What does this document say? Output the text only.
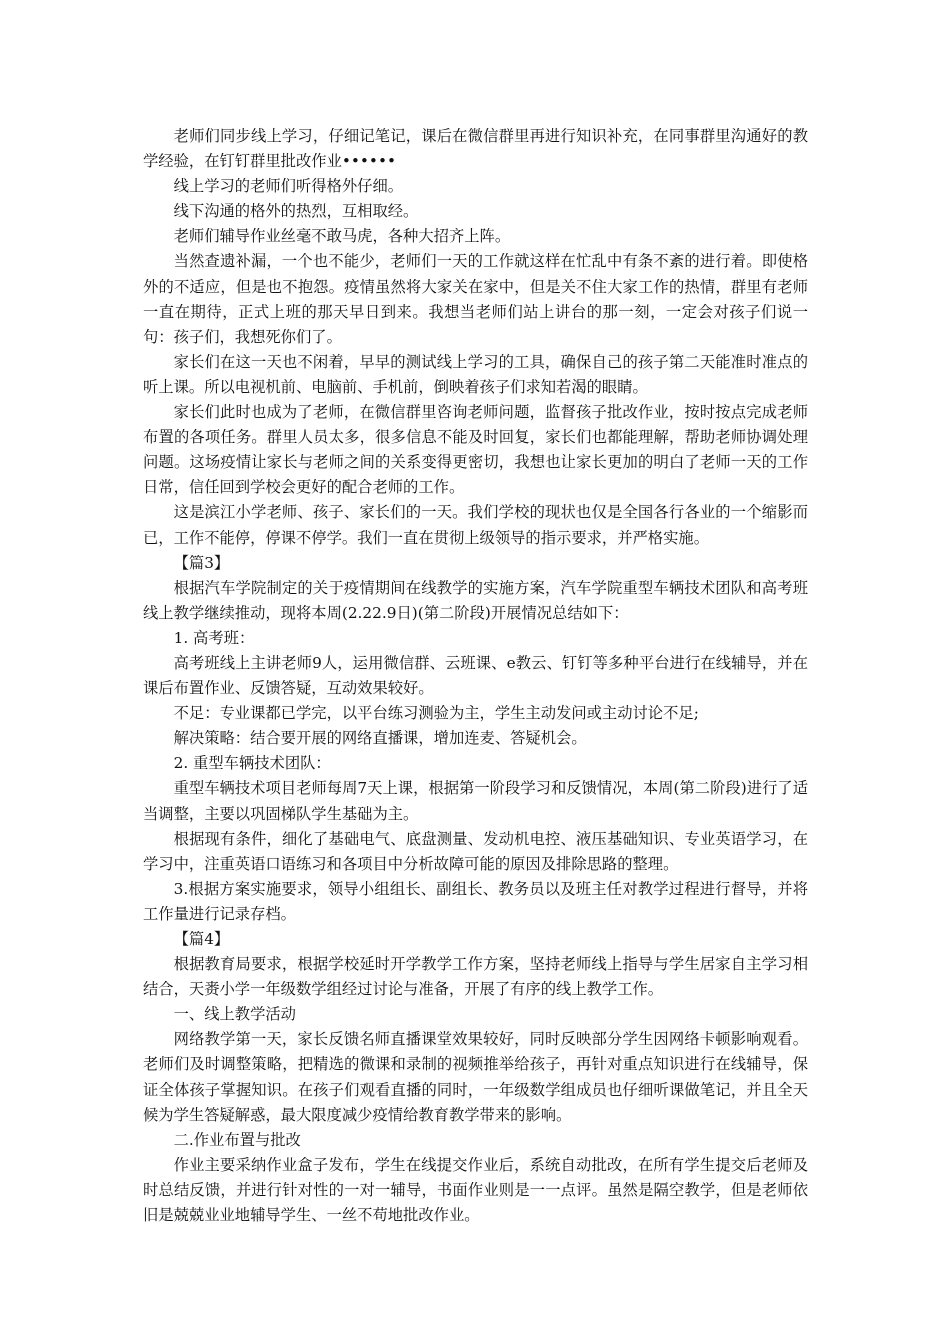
老师们同步线上学习，仔细记笔记，课后在微信群里再进行知识补充，在同事群里沟通好的教学经验，在钉钉群里批改作业••••••

线上学习的老师们听得格外仔细。

线下沟通的格外的热烈，互相取经。

老师们辅导作业丝毫不敢马虎，各种大招齐上阵。

当然查遗补漏，一个也不能少，老师们一天的工作就这样在忙乱中有条不紊的进行着。即使格外的不适应，但是也不抱怨。疫情虽然将大家关在家中，但是关不住大家工作的热情，群里有老师一直在期待，正式上班的那天早日到来。我想当老师们站上讲台的那一刻，一定会对孩子们说一句：孩子们，我想死你们了。

家长们在这一天也不闲着，早早的测试线上学习的工具，确保自己的孩子第二天能准时准点的听上课。所以电视机前、电脑前、手机前，倒映着孩子们求知若渴的眼睛。

家长们此时也成为了老师，在微信群里咨询老师问题，监督孩子批改作业，按时按点完成老师布置的各项任务。群里人员太多，很多信息不能及时回复，家长们也都能理解，帮助老师协调处理问题。这场疫情让家长与老师之间的关系变得更密切，我想也让家长更加的明白了老师一天的工作日常，信任回到学校会更好的配合老师的工作。

这是滨江小学老师、孩子、家长们的一天。我们学校的现状也仅是全国各行各业的一个缩影而已，工作不能停，停课不停学。我们一直在贯彻上级领导的指示要求，并严格实施。

【篇3】

根据汽车学院制定的关于疫情期间在线教学的实施方案，汽车学院重型车辆技术团队和高考班线上教学继续推动，现将本周(2.22.9日)(第二阶段)开展情况总结如下：

1. 高考班：

高考班线上主讲老师9人，运用微信群、云班课、e教云、钉钉等多种平台进行在线辅导，并在课后布置作业、反馈答疑，互动效果较好。

不足：专业课都已学完，以平台练习测验为主，学生主动发问或主动讨论不足;

解决策略：结合要开展的网络直播课，增加连麦、答疑机会。

2. 重型车辆技术团队：

重型车辆技术项目老师每周7天上课，根据第一阶段学习和反馈情况，本周(第二阶段)进行了适当调整，主要以巩固梯队学生基础为主。

根据现有条件，细化了基础电气、底盘测量、发动机电控、液压基础知识、专业英语学习，在学习中，注重英语口语练习和各项目中分析故障可能的原因及排除思路的整理。

3.根据方案实施要求，领导小组组长、副组长、教务员以及班主任对教学过程进行督导，并将工作量进行记录存档。

【篇4】

根据教育局要求，根据学校延时开学教学工作方案，坚持老师线上指导与学生居家自主学习相结合，天赉小学一年级数学组经过讨论与准备，开展了有序的线上教学工作。

一、线上教学活动

网络教学第一天，家长反馈名师直播课堂效果较好，同时反映部分学生因网络卡顿影响观看。老师们及时调整策略，把精选的微课和录制的视频推举给孩子，再针对重点知识进行在线辅导，保证全体孩子掌握知识。在孩子们观看直播的同时，一年级数学组成员也仔细听课做笔记，并且全天候为学生答疑解惑，最大限度减少疫情给教育教学带来的影响。

二.作业布置与批改

作业主要采纳作业盒子发布，学生在线提交作业后，系统自动批改，在所有学生提交后老师及时总结反馈，并进行针对性的一对一辅导，书面作业则是一一点评。虽然是隔空教学，但是老师依旧是兢兢业业地辅导学生、一丝不苟地批改作业。
